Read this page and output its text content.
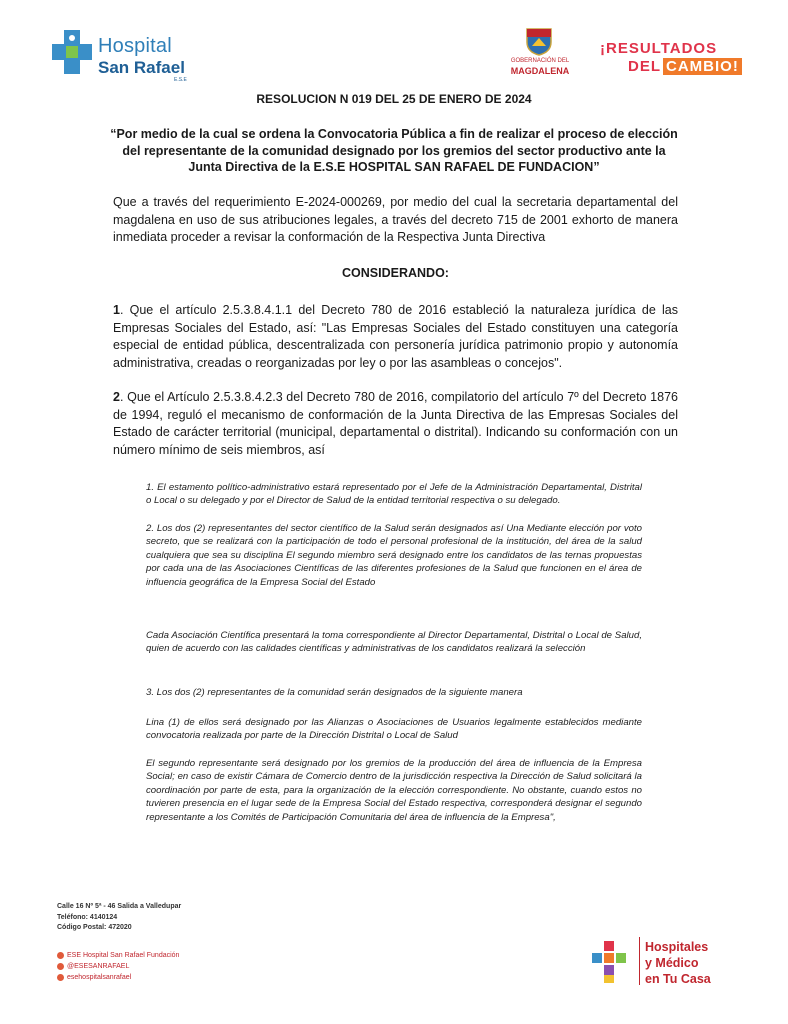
Hospital
San Rafael
E.S.E
GOBERNACIÓN DEL
MAGDALENA
¡RESULTADOS
DEL CAMBIO!
RESOLUCION N 019 DEL 25 DE ENERO DE 2024
“Por medio de la cual se ordena la Convocatoria Pública a fin de realizar el proceso de elección del representante de la comunidad designado por los gremios del sector productivo ante la Junta Directiva de la E.S.E HOSPITAL SAN RAFAEL DE FUNDACION”
Que a través del requerimiento E-2024-000269, por medio del cual la secretaria departamental del magdalena en uso de sus atribuciones legales, a través del decreto 715 de 2001 exhorto de manera inmediata proceder a revisar la conformación de la Respectiva Junta Directiva
CONSIDERANDO:
1. Que el artículo 2.5.3.8.4.1.1 del Decreto 780 de 2016 estableció la naturaleza jurídica de las Empresas Sociales del Estado, así: "Las Empresas Sociales del Estado constituyen una categoría especial de entidad pública, descentralizada con personería jurídica patrimonio propio y autonomía administrativa, creadas o reorganizadas por ley o por las asambleas o concejos".
2. Que el Artículo 2.5.3.8.4.2.3 del Decreto 780 de 2016, compilatorio del artículo 7º del Decreto 1876 de 1994, reguló el mecanismo de conformación de la Junta Directiva de las Empresas Sociales del Estado de carácter territorial (municipal, departamental o distrital). Indicando su conformación con un número mínimo de seis miembros, así
1. El estamento político-administrativo estará representado por el Jefe de la Administración Departamental, Distrital o Local o su delegado y por el Director de Salud de la entidad territorial respectiva o su delegado.
2. Los dos (2) representantes del sector científico de la Salud serán designados así Una Mediante elección por voto secreto, que se realizará con la participación de todo el personal profesional de la institución, del área de la salud cualquiera que sea su disciplina El segundo miembro será designado entre los candidatos de las ternas propuestas por cada una de las Asociaciones Científicas de las diferentes profesiones de la Salud que funcionen en el área de influencia geográfica de la Empresa Social del Estado
Cada Asociación Científica presentará la toma correspondiente al Director Departamental, Distrital o Local de Salud, quien de acuerdo con las calidades científicas y administrativas de los candidatos realizará la selección
3. Los dos (2) representantes de la comunidad serán designados de la siguiente manera
Lina (1) de ellos será designado por las Alianzas o Asociaciones de Usuarios legalmente establecidos mediante convocatoria realizada por parte de la Dirección Distrital o Local de Salud
El segundo representante será designado por los gremios de la producción del área de influencia de la Empresa Social; en caso de existir Cámara de Comercio dentro de la jurisdicción respectiva la Dirección de Salud solicitará la coordinación por parte de esta, para la organización de la elección correspondiente. No obstante, cuando estos no tuvieren presencia en el lugar sede de la Empresa Social del Estado respectiva, corresponderá designar el segundo representante a los Comités de Participación Comunitaria del área de influencia de la Empresa",
Calle 16 Nº 5ª - 46 Salida a Valledupar
Teléfono: 4140124
Código Postal: 472020
ESE Hospital San Rafael Fundación
@ESESANRAFAEL
esehospitalsanrafael
Hospitales
y Médico
en Tu Casa
